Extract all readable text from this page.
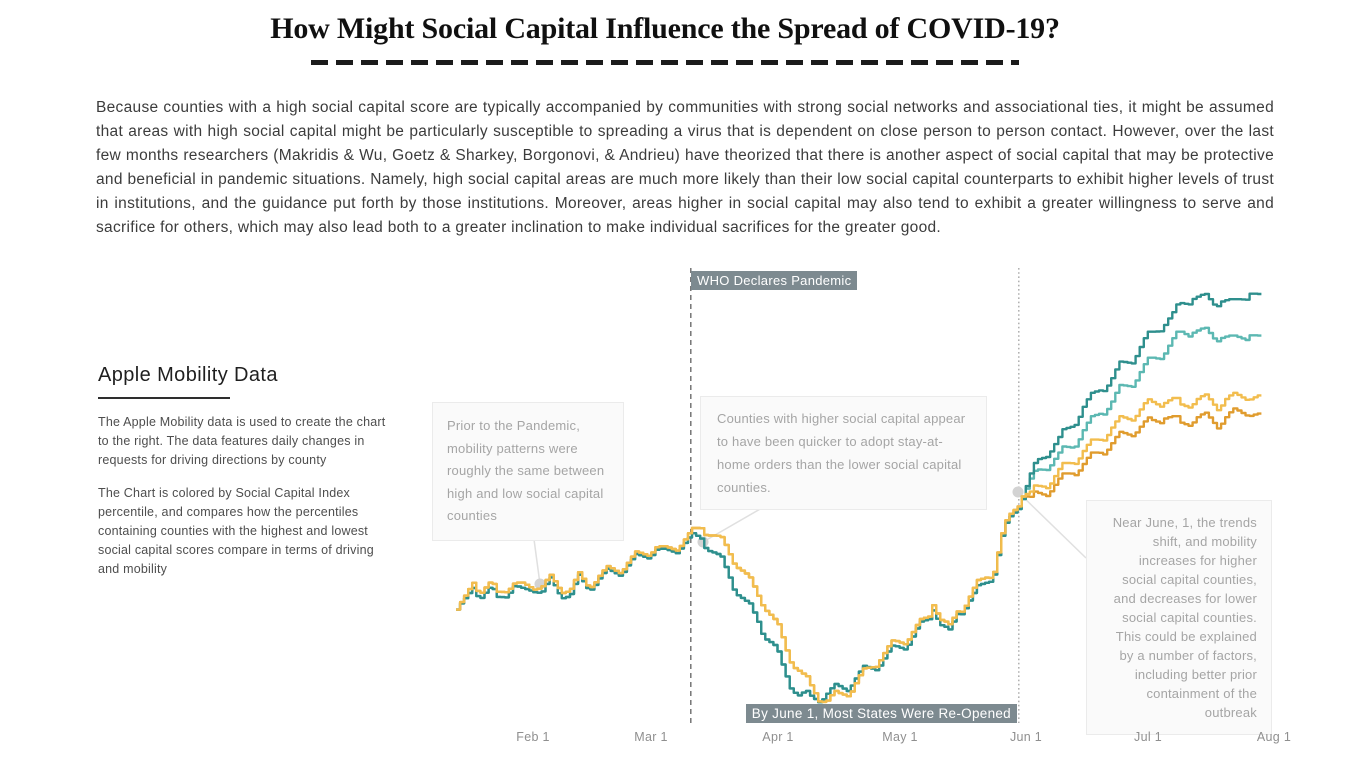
How Might Social Capital Influence the Spread of COVID-19?
Because counties with a high social capital score are typically accompanied by communities with strong social networks and associational ties, it might be assumed that areas with high social capital might be particularly susceptible to spreading a virus that is dependent on close person to person contact. However, over the last few months researchers (Makridis & Wu, Goetz & Sharkey, Borgonovi, & Andrieu) have theorized that there is another aspect of social capital that may be protective and beneficial in pandemic situations. Namely, high social capital areas are much more likely than their low social capital counterparts to exhibit higher levels of trust in institutions, and the guidance put forth by those institutions. Moreover, areas higher in social capital may also tend to exhibit a greater willingness to serve and sacrifice for others, which may also lead both to a greater inclination to make individual sacrifices for the greater good.
Apple Mobility Data

The Apple Mobility data is used to create the chart to the right. The data features daily changes in requests for driving directions by county

The Chart is colored by Social Capital Index percentile, and compares how the percentiles containing counties with the highest and lowest social capital scores compare in terms of driving and mobility

WHO Declares Pandemic
By June 1, Most States Were Re-Opened
Prior to the Pandemic, mobility patterns were roughly the same between high and low social capital counties
Counties with higher social capital appear to have been quicker to adopt stay-at-home orders than the lower social capital counties.
Near June, 1, the trends shift, and mobility increases for higher social capital counties, and decreases for lower social capital counties. This could be explained by a number of factors, including better prior containment of the outbreak
Feb 1	Mar 1	Apr 1	May 1	Jun 1	Jul 1	Aug 1
